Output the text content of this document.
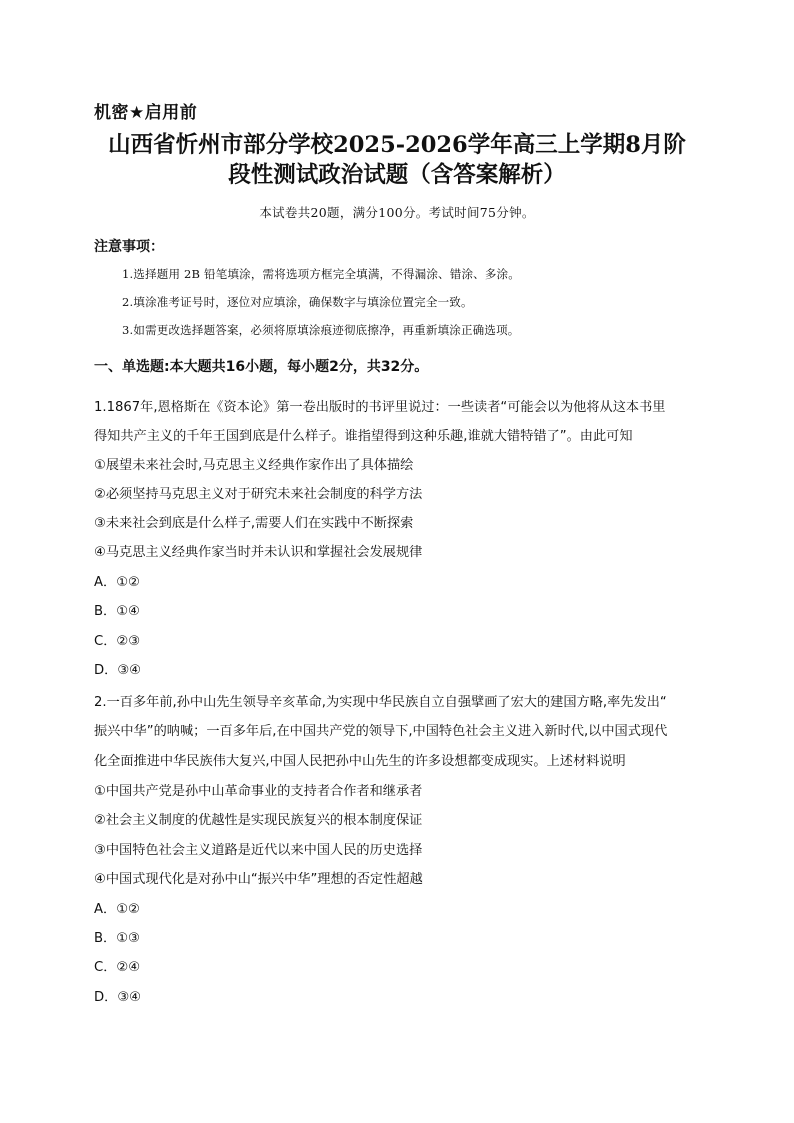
机密★启用前
山西省忻州市部分学校2025-2026学年高三上学期8月阶
段性测试政治试题（含答案解析）
本试卷共20题，满分100分。考试时间75分钟。
注意事项：
1.选择题用 2B 铅笔填涂，需将选项方框完全填满，不得漏涂、错涂、多涂。
2.填涂准考证号时，逐位对应填涂，确保数字与填涂位置完全一致。
3.如需更改选择题答案，必须将原填涂痕迹彻底擦净，再重新填涂正确选项。
一、单选题:本大题共16小题，每小题2分，共32分。
1.1867年,恩格斯在《资本论》第一卷出版时的书评里说过：一些读者“可能会以为他将从这本书里
得知共产主义的千年王国到底是什么样子。谁指望得到这种乐趣,谁就大错特错了”。由此可知
①展望未来社会时,马克思主义经典作家作出了具体描绘
②必须坚持马克思主义对于研究未来社会制度的科学方法
③未来社会到底是什么样子,需要人们在实践中不断探索
④马克思主义经典作家当时并未认识和掌握社会发展规律
A．①②
B．①④
C．②③
D．③④
2.一百多年前,孙中山先生领导辛亥革命,为实现中华民族自立自强擘画了宏大的建国方略,率先发出“
振兴中华”的呐喊；一百多年后,在中国共产党的领导下,中国特色社会主义进入新时代,以中国式现代
化全面推进中华民族伟大复兴,中国人民把孙中山先生的许多设想都变成现实。上述材料说明
①中国共产党是孙中山革命事业的支持者合作者和继承者
②社会主义制度的优越性是实现民族复兴的根本制度保证
③中国特色社会主义道路是近代以来中国人民的历史选择
④中国式现代化是对孙中山“振兴中华”理想的否定性超越
A．①②
B．①③
C．②④
D．③④
